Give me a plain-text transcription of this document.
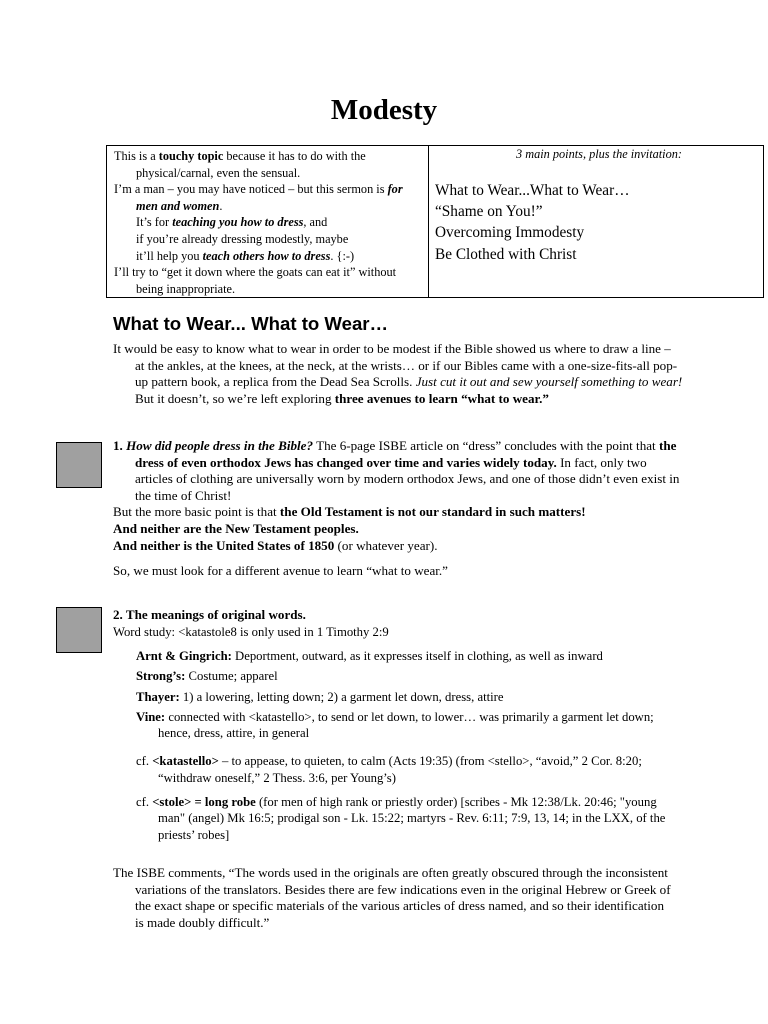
Modesty

This is a touchy topic because it has to do with the physical/carnal, even the sensual.

I’m a man – you may have noticed – but this sermon is for men and women.

It’s for teaching you how to dress, and

if you’re already dressing modestly, maybe

it’ll help you teach others how to dress. {:-)

I’ll try to “get it down where the goats can eat it” without being inappropriate.

3 main points, plus the invitation:
What to Wear...What to Wear…
“Shame on You!”
Overcoming Immodesty
Be Clothed with Christ
What to Wear... What to Wear…

It would be easy to know what to wear in order to be modest if the Bible showed us where to draw a line – at the ankles, at the knees, at the neck, at the wrists… or if our Bibles came with a one-size-fits-all pop-up pattern book, a replica from the Dead Sea Scrolls. Just cut it out and sew yourself something to wear!

But it doesn’t, so we’re left exploring three avenues to learn “what to wear.”

1. How did people dress in the Bible? The 6-page ISBE article on “dress” concludes with the point that the dress of even orthodox Jews has changed over time and varies widely today. In fact, only two articles of clothing are universally worn by modern orthodox Jews, and one of those didn’t even exist in the time of Christ!

But the more basic point is that the Old Testament is not our standard in such matters!

And neither are the New Testament peoples.

And neither is the United States of 1850 (or whatever year).

So, we must look for a different avenue to learn “what to wear.”

2. The meanings of original words.

Word study: <katastole8 is only used in 1 Timothy 2:9

Arnt & Gingrich: Deportment, outward, as it expresses itself in clothing, as well as inward

Strong’s: Costume; apparel

Thayer: 1) a lowering, letting down; 2) a garment let down, dress, attire

Vine: connected with <katastello>, to send or let down, to lower… was primarily a garment let down; hence, dress, attire, in general

cf. <katastello> – to appease, to quieten, to calm (Acts 19:35) (from <stello>, “avoid,” 2 Cor. 8:20; “withdraw oneself,” 2 Thess. 3:6, per Young’s)

cf. <stole> = long robe (for men of high rank or priestly order) [scribes - Mk 12:38/Lk. 20:46; "young man" (angel) Mk 16:5; prodigal son - Lk. 15:22; martyrs - Rev. 6:11; 7:9, 13, 14; in the LXX, of the priests’ robes]

The ISBE comments, “The words used in the originals are often greatly obscured through the inconsistent variations of the translators. Besides there are few indications even in the original Hebrew or Greek of the exact shape or specific materials of the various articles of dress named, and so their identification is made doubly difficult.”
